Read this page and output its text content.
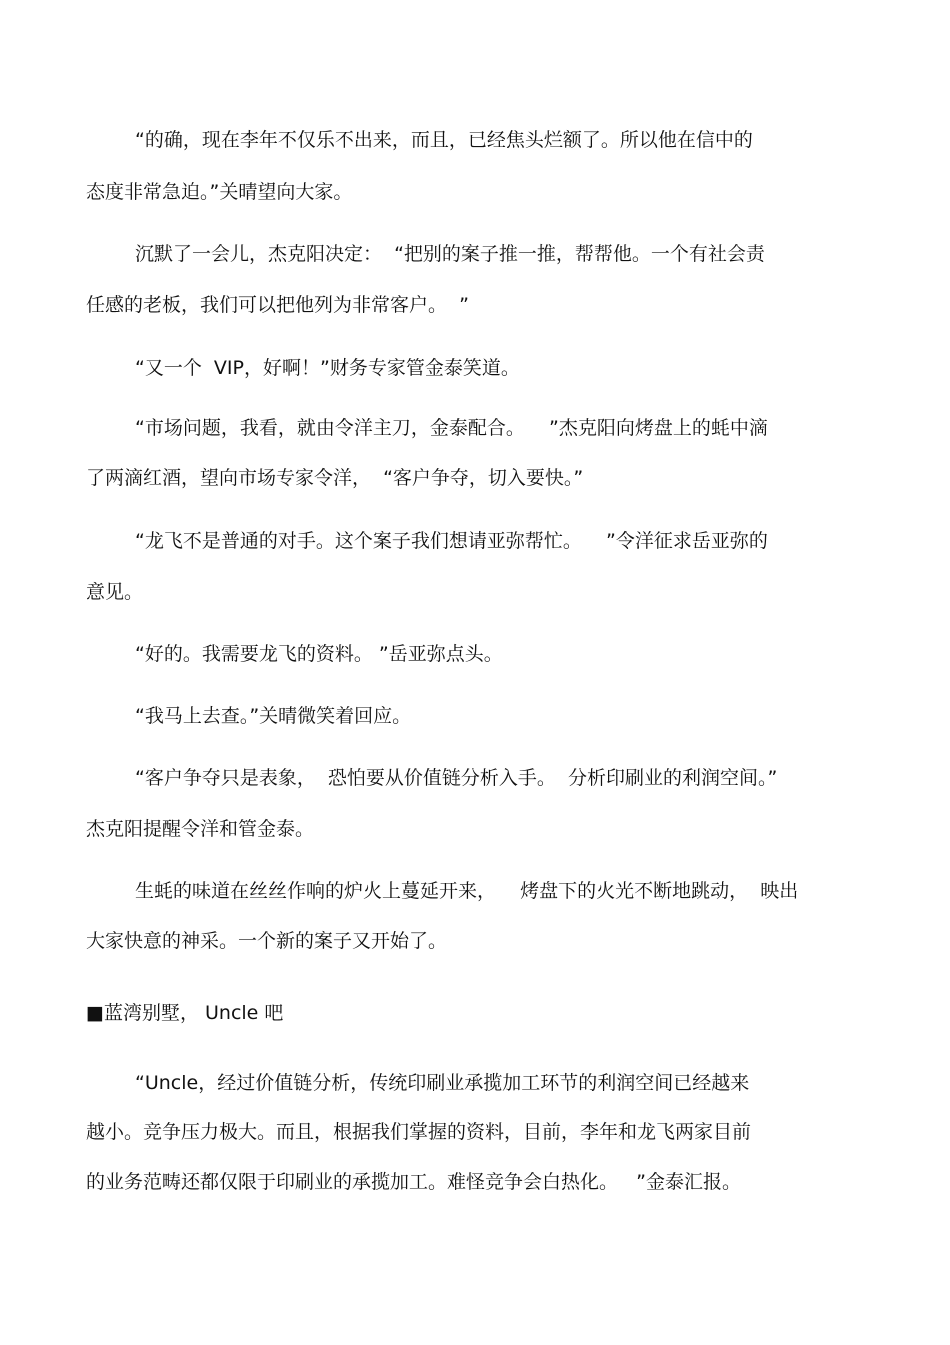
“的确，现在李年不仅乐不出来，而且，已经焦头烂额了。所以他在信中的
态度非常急迫。”关晴望向大家。
沉默了一会儿，杰克阳决定：  “把别的案子推一推，帮帮他。一个有社会责
任感的老板，我们可以把他列为非常客户。  ”
“又一个  VIP，好啊！”财务专家管金泰笑道。
“市场问题，我看，就由令洋主刀，金泰配合。    ”杰克阳向烤盘上的蚝中滴
了两滴红酒，望向市场专家令洋，  “客户争夺，切入要快。”
“龙飞不是普通的对手。这个案子我们想请亚弥帮忙。    ”令洋征求岳亚弥的
意见。
“好的。我需要龙飞的资料。 ”岳亚弥点头。
“我马上去查。”关晴微笑着回应。
“客户争夺只是表象，  恐怕要从价值链分析入手。  分析印刷业的利润空间。”
杰克阳提醒令洋和管金泰。
生蚝的味道在丝丝作响的炉火上蔓延开来，    烤盘下的火光不断地跳动，  映出
大家快意的神采。一个新的案子又开始了。
■蓝湾别墅， Uncle 吧
“Uncle，经过价值链分析，传统印刷业承揽加工环节的利润空间已经越来
越小。竞争压力极大。而且，根据我们掌握的资料，目前，李年和龙飞两家目前
的业务范畴还都仅限于印刷业的承揽加工。难怪竞争会白热化。   ”金泰汇报。
